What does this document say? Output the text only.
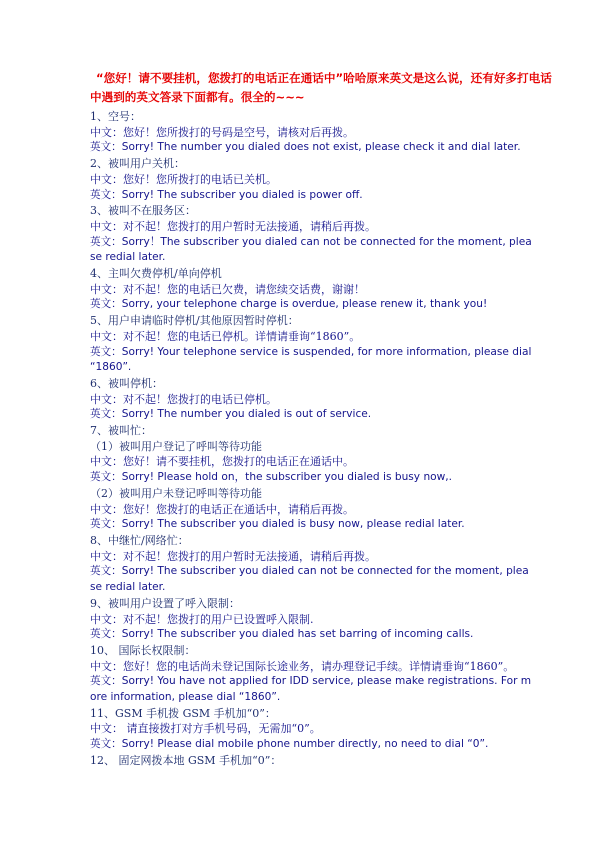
“您好！请不要挂机，您拨打的电话正在通话中”哈哈原来英文是这么说，还有好多打电话中遇到的英文答录下面都有。很全的~~~
1、空号：
中文：您好！您所拨打的号码是空号，请核对后再拨。
英文：Sorry! The number you dialed does not exist, please check it and dial later.
2、被叫用户关机：
中文：您好！您所拨打的电话已关机。
英文：Sorry! The subscriber you dialed is power off.
3、被叫不在服务区：
中文：对不起！您拨打的用户暂时无法接通，请稍后再拨。
英文：Sorry！The subscriber you dialed can not be connected for the moment, plea
se redial later.
4、主叫欠费停机/单向停机
中文：对不起！您的电话已欠费，请您续交话费，谢谢！
英文：Sorry, your telephone charge is overdue, please renew it, thank you!
5、用户申请临时停机/其他原因暂时停机：
中文：对不起！您的电话已停机。详情请垂询“1860”。
英文：Sorry! Your telephone service is suspended, for more information, please dial
“1860”.
6、被叫停机：
中文：对不起！您拨打的电话已停机。
英文：Sorry! The number you dialed is out of service.
7、被叫忙：
（1）被叫用户登记了呼叫等待功能
中文：您好！请不要挂机，您拨打的电话正在通话中。
英文：Sorry! Please hold on，the subscriber you dialed is busy now,.
（2）被叫用户未登记呼叫等待功能
中文：您好！您拨打的电话正在通话中，请稍后再拨。
英文：Sorry! The subscriber you dialed is busy now, please redial later.
8、中继忙/网络忙：
中文：对不起！您拨打的用户暂时无法接通，请稍后再拨。
英文：Sorry! The subscriber you dialed can not be connected for the moment, plea
se redial later.
9、被叫用户设置了呼入限制：
中文：对不起！您拨打的用户已设置呼入限制.
英文：Sorry! The subscriber you dialed has set barring of incoming calls.
10、 国际长权限制：
中文：您好！您的电话尚未登记国际长途业务，请办理登记手续。详情请垂询“1860”。
英文：Sorry! You have not applied for IDD service, please make registrations. For m
ore information, please dial “1860”.
11、GSM 手机拨 GSM 手机加“0”：
中文： 请直接拨打对方手机号码，无需加“0”。
英文：Sorry! Please dial mobile phone number directly, no need to dial “0”.
12、 固定网拨本地 GSM 手机加“0”：
